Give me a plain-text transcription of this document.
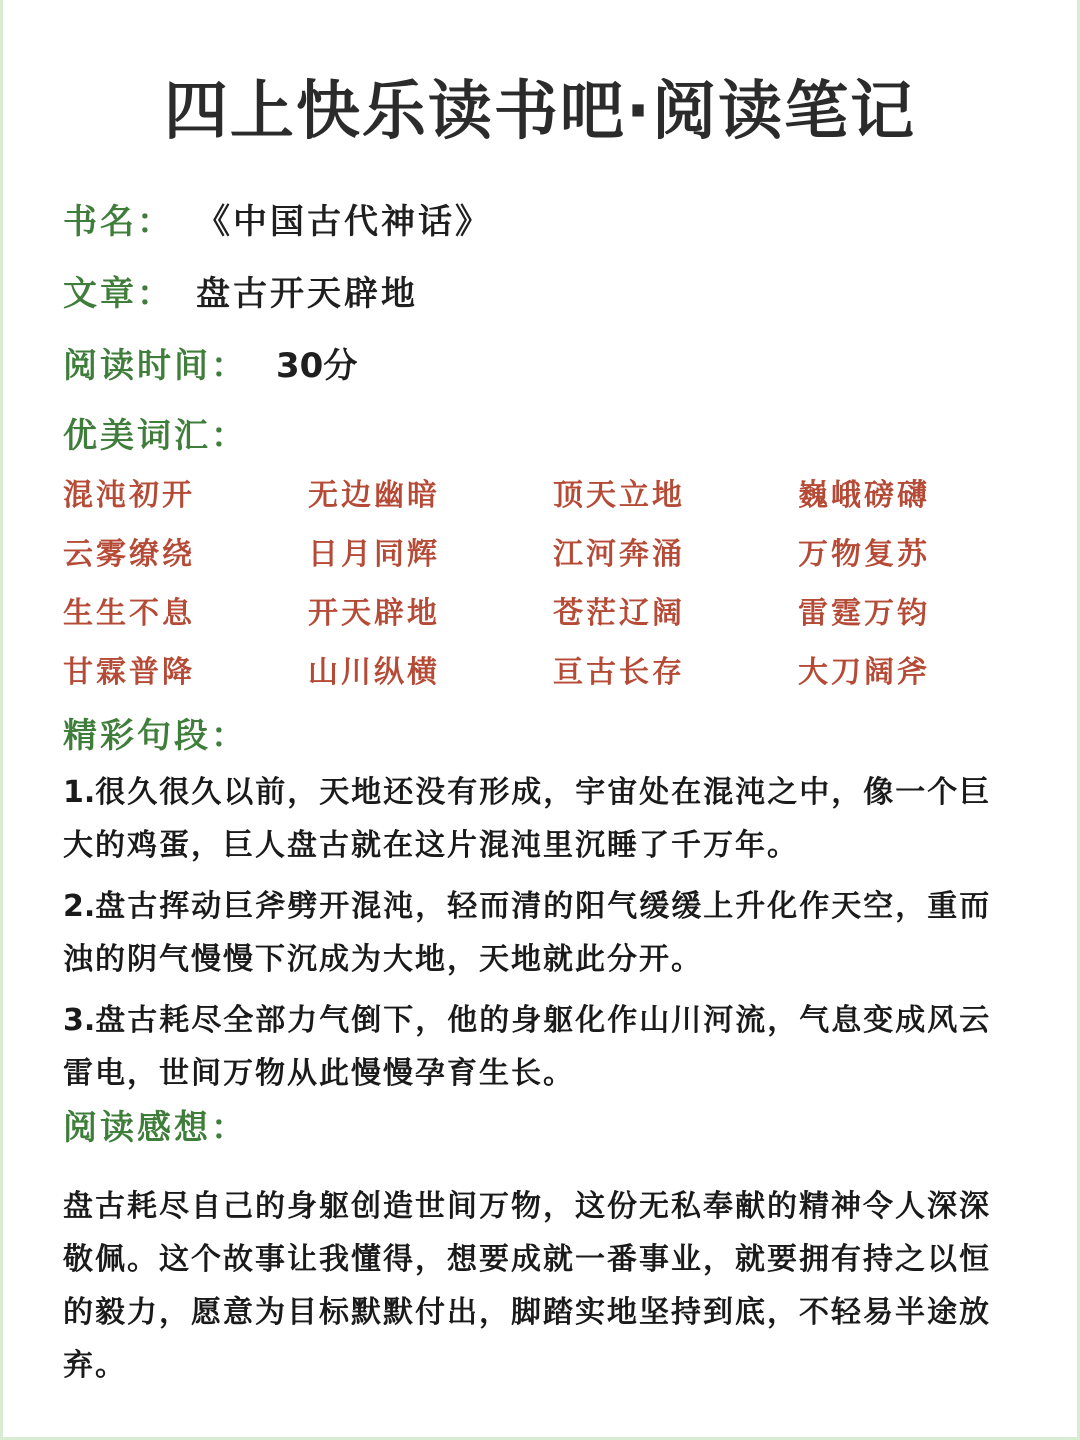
四上快乐读书吧·阅读笔记
书名： 《中国古代神话》
文章： 盘古开天辟地
阅读时间： 30分
优美词汇：
混沌初开	无边幽暗	顶天立地	巍峨磅礴
云雾缭绕	日月同辉	江河奔涌	万物复苏
生生不息	开天辟地	苍茫辽阔	雷霆万钧
甘霖普降	山川纵横	亘古长存	大刀阔斧
精彩句段：
1.很久很久以前，天地还没有形成，宇宙处在混沌之中，像一个巨大的鸡蛋，巨人盘古就在这片混沌里沉睡了千万年。
2.盘古挥动巨斧劈开混沌，轻而清的阳气缓缓上升化作天空，重而浊的阴气慢慢下沉成为大地，天地就此分开。
3.盘古耗尽全部力气倒下，他的身躯化作山川河流，气息变成风云雷电，世间万物从此慢慢孕育生长。
阅读感想：
盘古耗尽自己的身躯创造世间万物，这份无私奉献的精神令人深深敬佩。这个故事让我懂得，想要成就一番事业，就要拥有持之以恒的毅力，愿意为目标默默付出，脚踏实地坚持到底，不轻易半途放弃。
